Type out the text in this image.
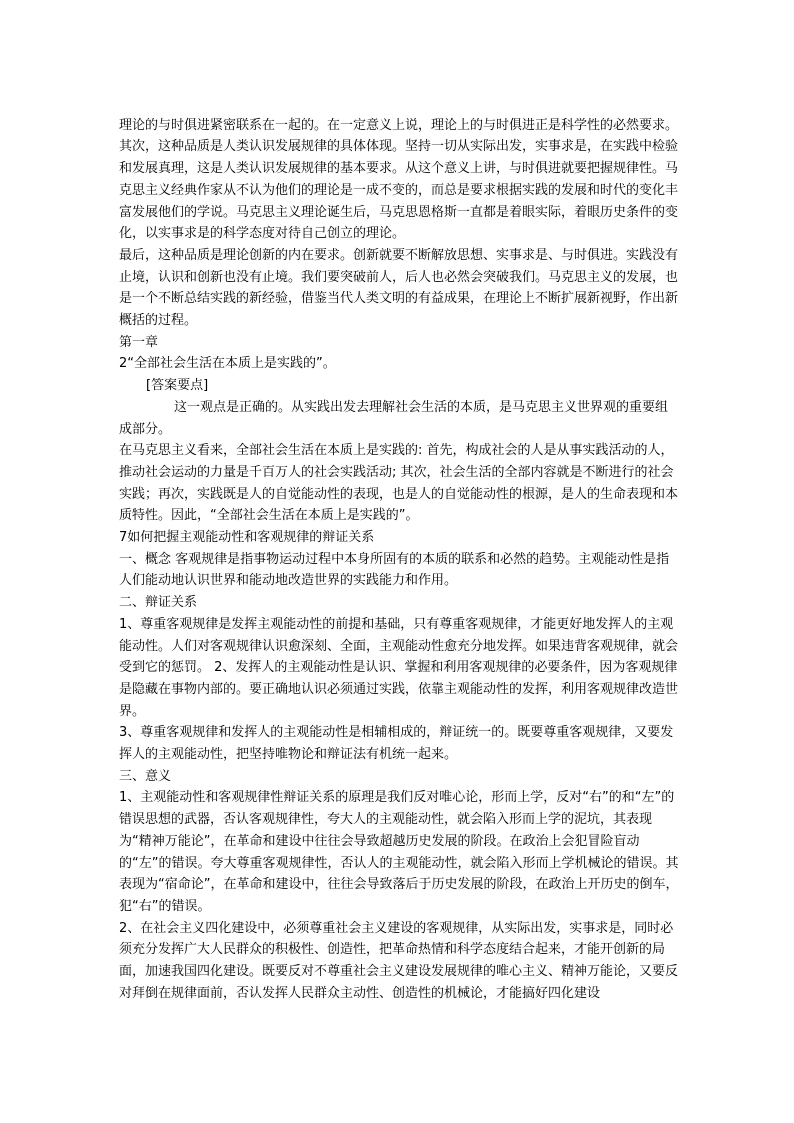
理论的与时俱进紧密联系在一起的。在一定意义上说，理论上的与时俱进正是科学性的必然要求。

其次，这种品质是人类认识发展规律的具体体现。坚持一切从实际出发，实事求是，在实践中检验和发展真理，这是人类认识发展规律的基本要求。从这个意义上讲，与时俱进就要把握规律性。马克思主义经典作家从不认为他们的理论是一成不变的，而总是要求根据实践的发展和时代的变化丰富发展他们的学说。马克思主义理论诞生后，马克思恩格斯一直都是着眼实际，着眼历史条件的变化，以实事求是的科学态度对待自己创立的理论。

最后，这种品质是理论创新的内在要求。创新就要不断解放思想、实事求是、与时俱进。实践没有止境，认识和创新也没有止境。我们要突破前人，后人也必然会突破我们。马克思主义的发展，也是一个不断总结实践的新经验，借鉴当代人类文明的有益成果，在理论上不断扩展新视野，作出新概括的过程。

第一章

2“全部社会生活在本质上是实践的”。

[答案要点]

这一观点是正确的。从实践出发去理解社会生活的本质，是马克思主义世界观的重要组成部分。

在马克思主义看来，全部社会生活在本质上是实践的: 首先，构成社会的人是从事实践活动的人，推动社会运动的力量是千百万人的社会实践活动; 其次，社会生活的全部内容就是不断进行的社会实践；再次，实践既是人的自觉能动性的表现，也是人的自觉能动性的根源，是人的生命表现和本质特性。因此，“全部社会生活在本质上是实践的”。

7如何把握主观能动性和客观规律的辩证关系

一、概念 客观规律是指事物运动过程中本身所固有的本质的联系和必然的趋势。主观能动性是指人们能动地认识世界和能动地改造世界的实践能力和作用。

二、辩证关系

1、尊重客观规律是发挥主观能动性的前提和基础，只有尊重客观规律，才能更好地发挥人的主观能动性。人们对客观规律认识愈深刻、全面，主观能动性愈充分地发挥。如果违背客观规律，就会受到它的惩罚。 2、发挥人的主观能动性是认识、掌握和利用客观规律的必要条件，因为客观规律是隐藏在事物内部的。要正确地认识必须通过实践，依靠主观能动性的发挥，利用客观规律改造世界。

3、尊重客观规律和发挥人的主观能动性是相辅相成的，辩证统一的。既要尊重客观规律，又要发挥人的主观能动性，把坚持唯物论和辩证法有机统一起来。

三、意义

1、主观能动性和客观规律性辩证关系的原理是我们反对唯心论，形而上学，反对“右”的和“左”的错误思想的武器，否认客观规律性，夸大人的主观能动性，就会陷入形而上学的泥坑，其表现为“精神万能论”，在革命和建设中往往会导致超越历史发展的阶段。在政治上会犯冒险盲动的“左”的错误。夸大尊重客观规律性，否认人的主观能动性，就会陷入形而上学机械论的错误。其表现为“宿命论”，在革命和建设中，往往会导致落后于历史发展的阶段，在政治上开历史的倒车，犯“右”的错误。

2、在社会主义四化建设中，必须尊重社会主义建设的客观规律，从实际出发，实事求是，同时必须充分发挥广大人民群众的积极性、创造性，把革命热情和科学态度结合起来，才能开创新的局面，加速我国四化建设。既要反对不尊重社会主义建设发展规律的唯心主义、精神万能论，又要反对拜倒在规律面前，否认发挥人民群众主动性、创造性的机械论，才能搞好四化建设
